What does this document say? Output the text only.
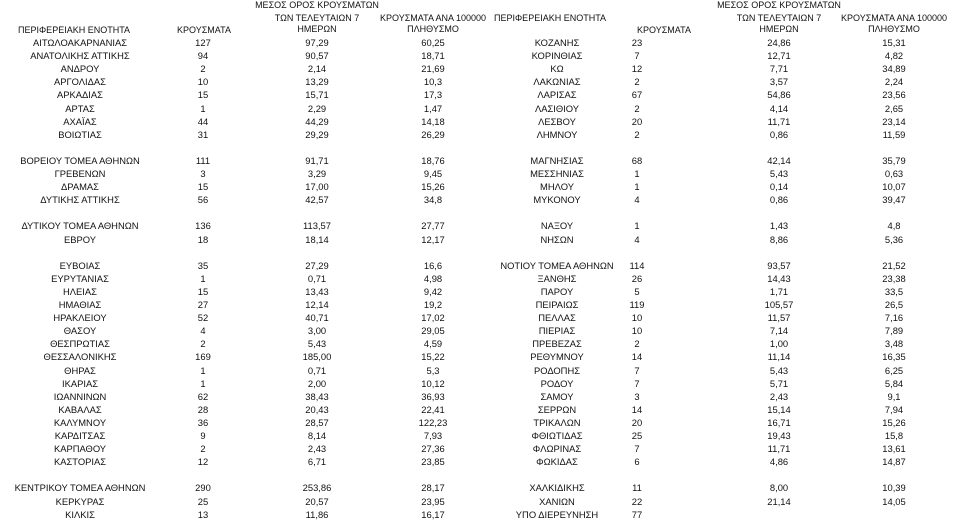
ΠΕΡΙΦΕΡΕΙΑΚΗ ΕΝΟΤΗΤΑ	ΚΡΟΥΣΜΑΤΑ
ΜΕΣΟΣ ΟΡΟΣ ΚΡΟΥΣΜΑΤΩΝ
ΤΩΝ ΤΕΛΕΥΤΑΙΩΝ 7
ΗΜΕΡΩΝ
ΚΡΟΥΣΜΑΤΑ ΑΝΑ 100000
ΠΛΗΘΥΣΜΟ
ΠΕΡΙΦΕΡΕΙΑΚΗ ΕΝΟΤΗΤΑ
ΚΡΟΥΣΜΑΤΑ
ΜΕΣΟΣ ΟΡΟΣ ΚΡΟΥΣΜΑΤΩΝ
ΤΩΝ ΤΕΛΕΥΤΑΙΩΝ 7
ΗΜΕΡΩΝ
ΚΡΟΥΣΜΑΤΑ ΑΝΑ 100000
ΠΛΗΘΥΣΜΟ
ΑΙΤΩΛΟΑΚΑΡΝΑΝΙΑΣ	127	97,29	60,25
ΑΝΑΤΟΛΙΚΗΣ ΑΤΤΙΚΗΣ	94	90,57	18,71
ΑΝΔΡΟΥ	2	2,14	21,69
ΑΡΓΟΛΙΔΑΣ	10	13,29	10,3
ΑΡΚΑΔΙΑΣ	15	15,71	17,3
ΑΡΤΑΣ	1	2,29	1,47
ΑΧΑΪΑΣ	44	44,29	14,18
ΒΟΙΩΤΙΑΣ	31	29,29	26,29
ΒΟΡΕΙΟΥ ΤΟΜΕΑ ΑΘΗΝΩΝ	111	91,71	18,76
ΓΡΕΒΕΝΩΝ	3	3,29	9,45
ΔΡΑΜΑΣ	15	17,00	15,26
ΔΥΤΙΚΗΣ ΑΤΤΙΚΗΣ	56	42,57	34,8
ΔΥΤΙΚΟΥ ΤΟΜΕΑ ΑΘΗΝΩΝ	136	113,57	27,77
ΕΒΡΟΥ	18	18,14	12,17
ΕΥΒΟΙΑΣ	35	27,29	16,6
ΕΥΡΥΤΑΝΙΑΣ	1	0,71	4,98
ΗΛΕΙΑΣ	15	13,43	9,42
ΗΜΑΘΙΑΣ	27	12,14	19,2
ΗΡΑΚΛΕΙΟΥ	52	40,71	17,02
ΘΑΣΟΥ	4	3,00	29,05
ΘΕΣΠΡΩΤΙΑΣ	2	5,43	4,59
ΘΕΣΣΑΛΟΝΙΚΗΣ	169	185,00	15,22
ΘΗΡΑΣ	1	0,71	5,3
ΙΚΑΡΙΑΣ	1	2,00	10,12
ΙΩΑΝΝΙΝΩΝ	62	38,43	36,93
ΚΑΒΑΛΑΣ	28	20,43	22,41
ΚΑΛΥΜΝΟΥ	36	28,57	122,23
ΚΑΡΔΙΤΣΑΣ	9	8,14	7,93
ΚΑΡΠΑΘΟΥ	2	2,43	27,36
ΚΑΣΤΟΡΙΑΣ	12	6,71	23,85
ΚΕΝΤΡΙΚΟΥ ΤΟΜΕΑ ΑΘΗΝΩΝ	290	253,86	28,17
ΚΕΡΚΥΡΑΣ	25	20,57	23,95
ΚΙΛΚΙΣ	13	11,86	16,17
ΚΟΖΑΝΗΣ	23	24,86	15,31
ΚΟΡΙΝΘΙΑΣ	7	12,71	4,82
ΚΩ	12	7,71	34,89
ΛΑΚΩΝΙΑΣ	2	3,57	2,24
ΛΑΡΙΣΑΣ	67	54,86	23,56
ΛΑΣΙΘΙΟΥ	2	4,14	2,65
ΛΕΣΒΟΥ	20	11,71	23,14
ΛΗΜΝΟΥ	2	0,86	11,59
ΜΑΓΝΗΣΙΑΣ	68	42,14	35,79
ΜΕΣΣΗΝΙΑΣ	1	5,43	0,63
ΜΗΛΟΥ	1	0,14	10,07
ΜΥΚΟΝΟΥ	4	0,86	39,47
ΝΑΞΟΥ	1	1,43	4,8
ΝΗΣΩΝ	4	8,86	5,36
ΝΟΤΙΟΥ ΤΟΜΕΑ ΑΘΗΝΩΝ 114	93,57	21,52
ΞΑΝΘΗΣ	26	14,43	23,38
ΠΑΡΟΥ	5	1,71	33,5
ΠΕΙΡΑΙΩΣ	119	105,57	26,5
ΠΕΛΛΑΣ	10	11,57	7,16
ΠΙΕΡΙΑΣ	10	7,14	7,89
ΠΡΕΒΕΖΑΣ	2	1,00	3,48
ΡΕΘΥΜΝΟΥ	14	11,14	16,35
ΡΟΔΟΠΗΣ	7	5,43	6,25
ΡΟΔΟΥ	7	5,71	5,84
ΣΑΜΟΥ	3	2,43	9,1
ΣΕΡΡΩΝ	14	15,14	7,94
ΤΡΙΚΑΛΩΝ	20	16,71	15,26
ΦΘΙΩΤΙΔΑΣ	25	19,43	15,8
ΦΛΩΡΙΝΑΣ	7	11,71	13,61
ΦΩΚΙΔΑΣ	6	4,86	14,87
ΧΑΛΚΙΔΙΚΗΣ	11	8,00	10,39
ΧΑΝΙΩΝ	22	21,14	14,05
ΥΠΟ ΔΙΕΡΕΥΝΗΣΗ	77
